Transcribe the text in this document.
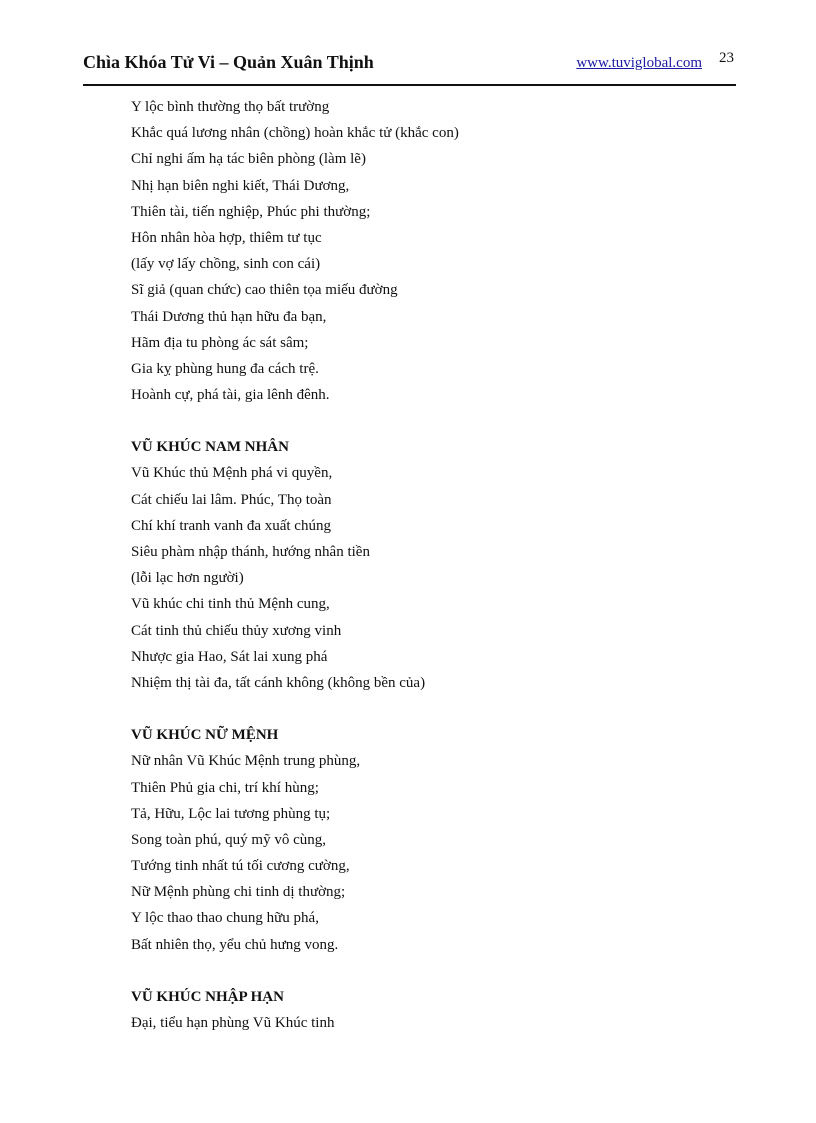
Chìa Khóa Tử Vi – Quản Xuân Thịnh	www.tuviglobal.com 23
Y lộc bình thường thọ bất trường
Khắc quá lương nhân (chồng) hoàn khắc tử (khắc con)
Chỉ nghi ấm hạ tác biên phòng (làm lẽ)
Nhị hạn biên nghi kiết, Thái Dương,
Thiên tài, tiến nghiệp, Phúc phi thường;
Hôn nhân hòa hợp, thiêm tư tục
(lấy vợ lấy chồng, sinh con cái)
Sĩ giả (quan chức) cao thiên tọa miếu đường
Thái Dương thủ hạn hữu đa bạn,
Hãm địa tu phòng ác sát sâm;
Gia kỵ phùng hung đa cách trệ.
Hoành cự, phá tài, gia lênh đênh.
VŨ KHÚC NAM NHÂN
Vũ Khúc thủ Mệnh phá vi quyền,
Cát chiếu lai lâm. Phúc, Thọ toàn
Chí khí tranh vanh đa xuất chúng
Siêu phàm nhập thánh, hướng nhân tiền
(lỗi lạc hơn người)
Vũ khúc chi tinh thủ Mệnh cung,
Cát tinh thủ chiếu thủy xương vinh
Nhược gia Hao, Sát lai xung phá
Nhiệm thị tài đa, tất cánh không (không bền của)
VŨ KHÚC NỮ MỆNH
Nữ nhân Vũ Khúc Mệnh trung phùng,
Thiên Phủ gia chi, trí khí hùng;
Tả, Hữu, Lộc lai tương phùng tụ;
Song toàn phú, quý mỹ vô cùng,
Tướng tinh nhất tú tối cương cường,
Nữ Mệnh phùng chi tinh dị thường;
Y lộc thao thao chung hữu phá,
Bất nhiên thọ, yểu chủ hưng vong.
VŨ KHÚC NHẬP HẠN
Đại, tiểu hạn phùng Vũ Khúc tinh
